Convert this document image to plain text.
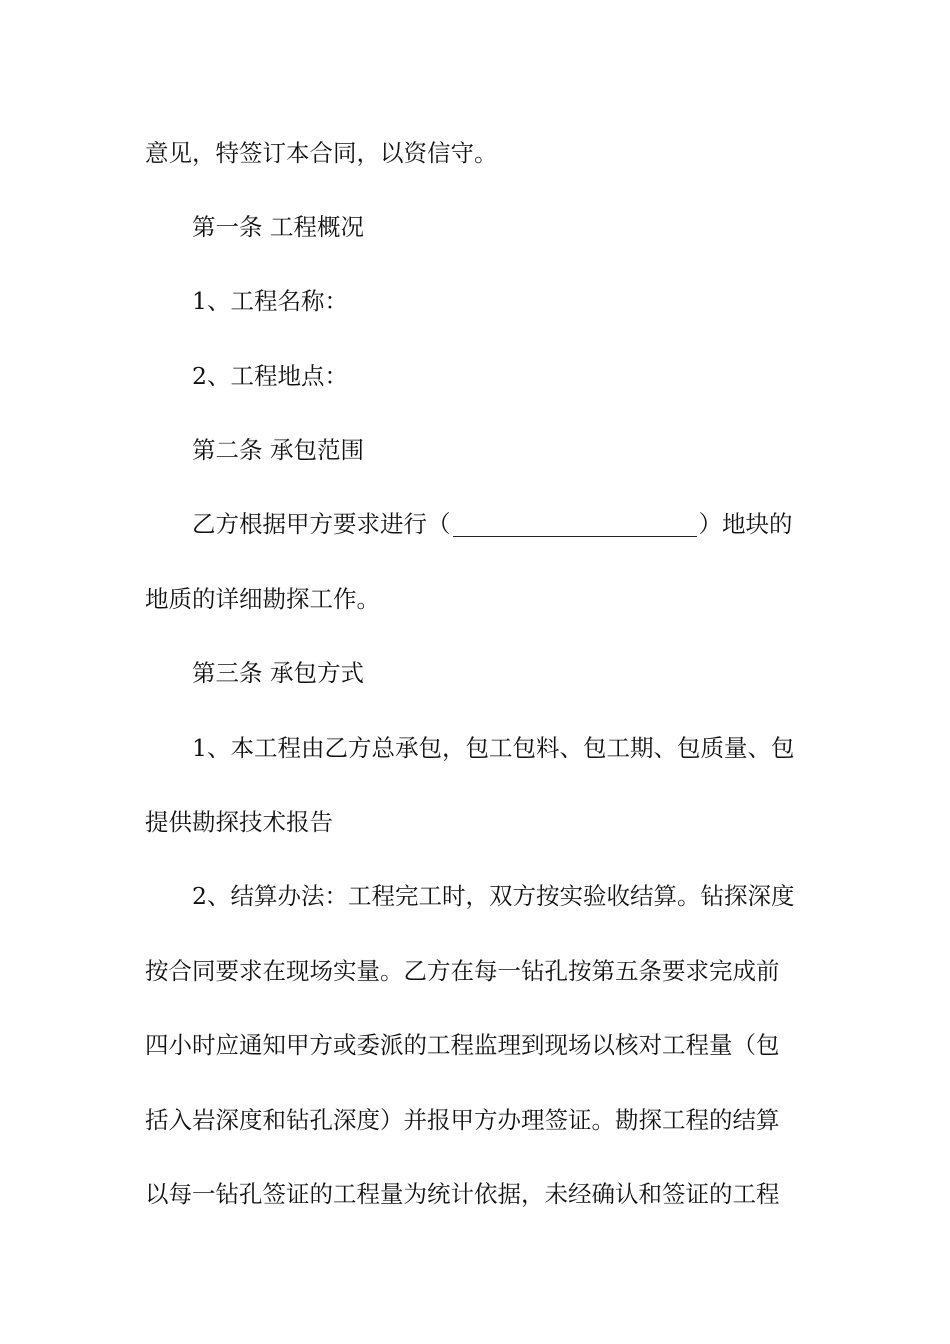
意见，特签订本合同，以资信守。
第一条 工程概况
1、工程名称：
2、工程地点：
第二条 承包范围
乙方根据甲方要求进行（	）地块的
地质的详细勘探工作。
第三条 承包方式
1、本工程由乙方总承包，包工包料、包工期、包质量、包
提供勘探技术报告
2、结算办法：工程完工时，双方按实验收结算。钻探深度
按合同要求在现场实量。乙方在每一钻孔按第五条要求完成前
四小时应通知甲方或委派的工程监理到现场以核对工程量（包
括入岩深度和钻孔深度）并报甲方办理签证。勘探工程的结算
以每一钻孔签证的工程量为统计依据，未经确认和签证的工程
